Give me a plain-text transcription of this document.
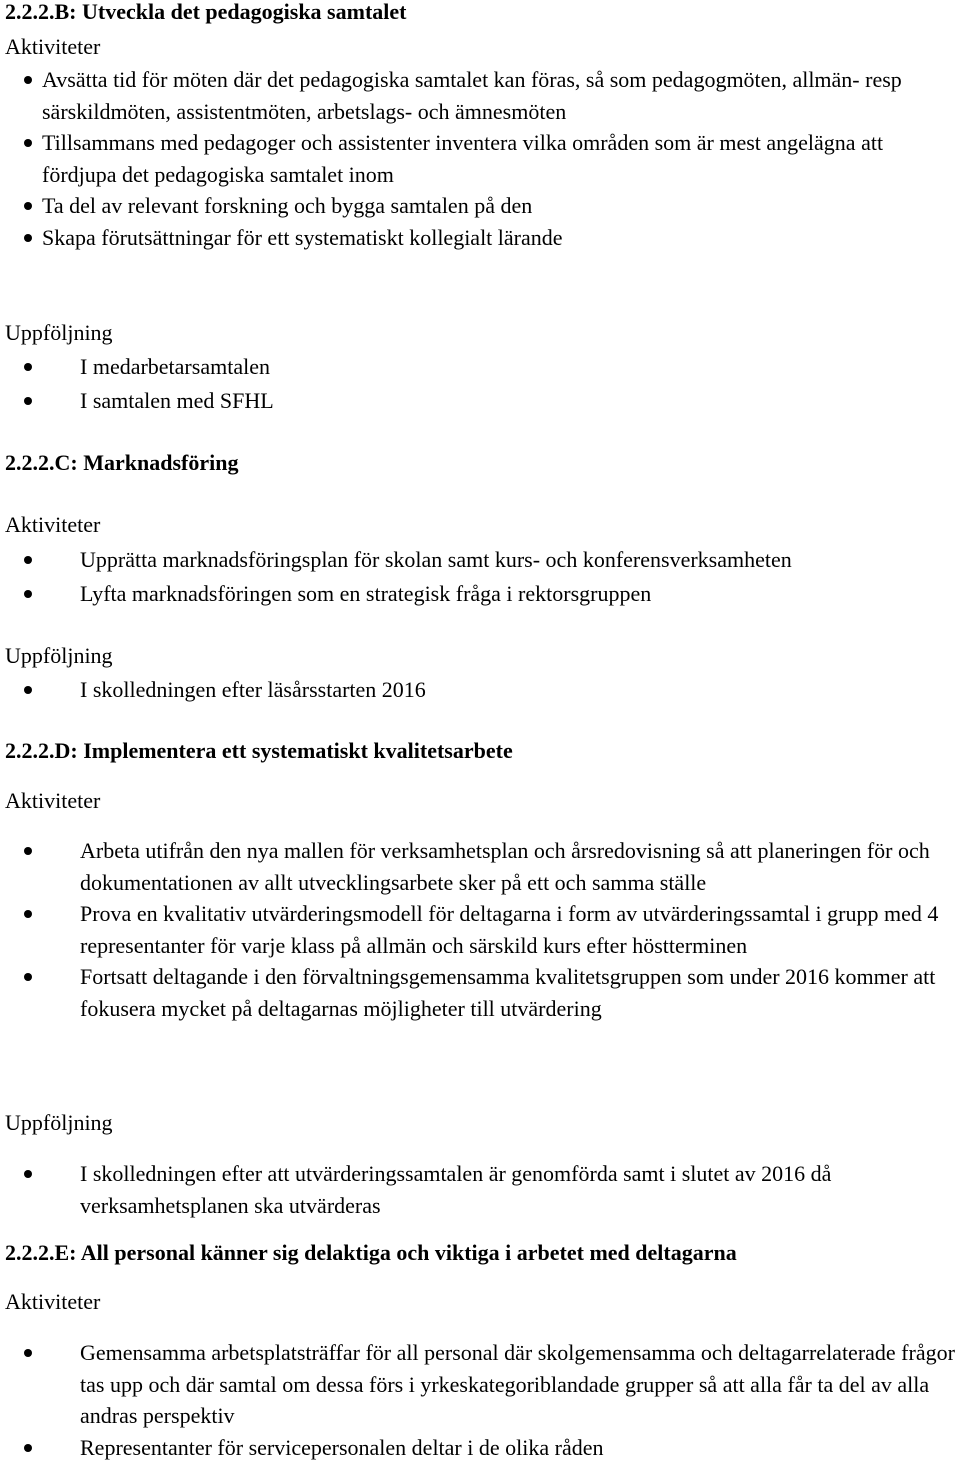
2.2.2.B: Utveckla det pedagogiska samtalet
Aktiviteter
Avsätta tid för möten där det pedagogiska samtalet kan föras, så som pedagogmöten, allmän- resp särskildmöten, assistentmöten, arbetslags- och ämnesmöten
Tillsammans med pedagoger och assistenter inventera vilka områden som är mest angelägna att fördjupa det pedagogiska samtalet inom
Ta del av relevant forskning och bygga samtalen på den
Skapa förutsättningar för ett systematiskt kollegialt lärande
Uppföljning
I medarbetarsamtalen
I samtalen med SFHL
2.2.2.C: Marknadsföring
Aktiviteter
Upprätta marknadsföringsplan för skolan samt kurs- och konferensverksamheten
Lyfta marknadsföringen som en strategisk fråga i rektorsgruppen
Uppföljning
I skolledningen efter läsårsstarten 2016
2.2.2.D: Implementera ett systematiskt kvalitetsarbete
Aktiviteter
Arbeta utifrån den nya mallen för verksamhetsplan och årsredovisning så att planeringen för och dokumentationen av allt utvecklingsarbete sker på ett och samma ställe
Prova en kvalitativ utvärderingsmodell för deltagarna i form av utvärderingssamtal i grupp med 4 representanter för varje klass på allmän och särskild kurs efter höstterminen
Fortsatt deltagande i den förvaltningsgemensamma kvalitetsgruppen som under 2016 kommer att fokusera mycket på deltagarnas möjligheter till utvärdering
Uppföljning
I skolledningen efter att utvärderingssamtalen är genomförda samt i slutet av 2016 då verksamhetsplanen ska utvärderas
2.2.2.E: All personal känner sig delaktiga och viktiga i arbetet med deltagarna
Aktiviteter
Gemensamma arbetsplatsträffar för all personal där skolgemensamma och deltagarrelaterade frågor tas upp och där samtal om dessa förs i yrkeskategoriblandade grupper så att alla får ta del av alla andras perspektiv
Representanter för servicepersonalen deltar i de olika råden
